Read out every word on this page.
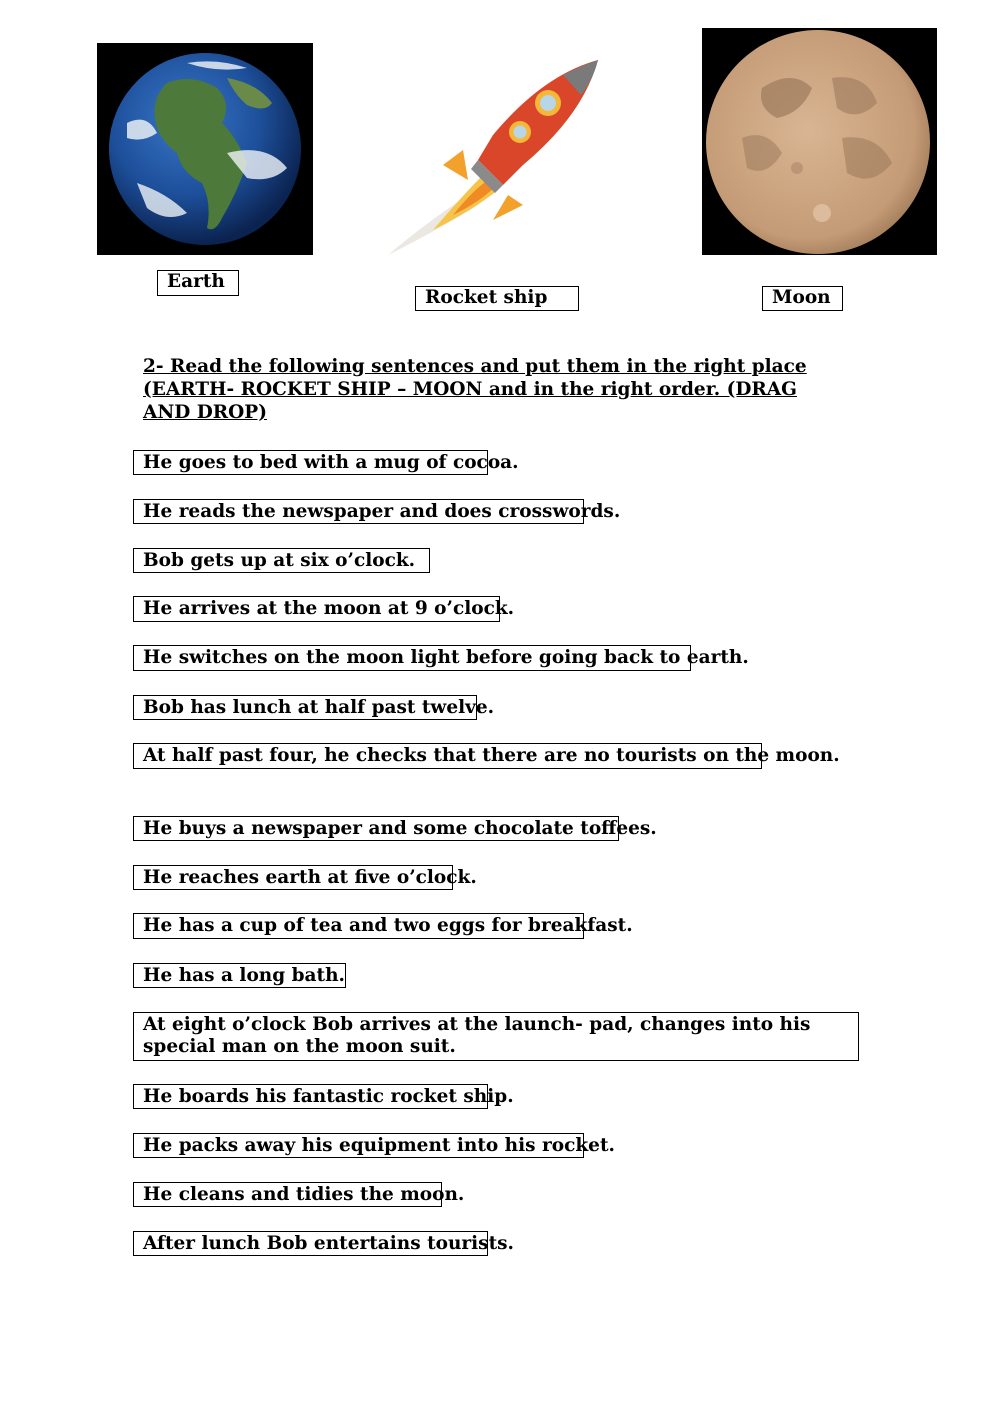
Earth
Rocket ship	Moon
2- Read the following sentences and put them in the right place (EARTH- ROCKET SHIP – MOON and in the right order. (DRAG AND DROP)
He goes to bed with a mug of cocoa.
He reads the newspaper and does crosswords.
Bob gets up at six o’clock.
He arrives at the moon at 9 o’clock.
He switches on the moon light before going back to earth.
Bob has lunch at half past twelve.
At half past four, he checks that there are no tourists on the moon.
He buys a newspaper and some chocolate toffees.
He reaches earth at five o’clock.
He has a cup of tea and two eggs for breakfast.
He has a long bath.
At eight o’clock Bob arrives at the launch- pad, changes into his special man on the moon suit.
He boards his fantastic rocket ship.
He packs away his equipment into his rocket.
He cleans and tidies the moon.
After lunch Bob entertains tourists.
